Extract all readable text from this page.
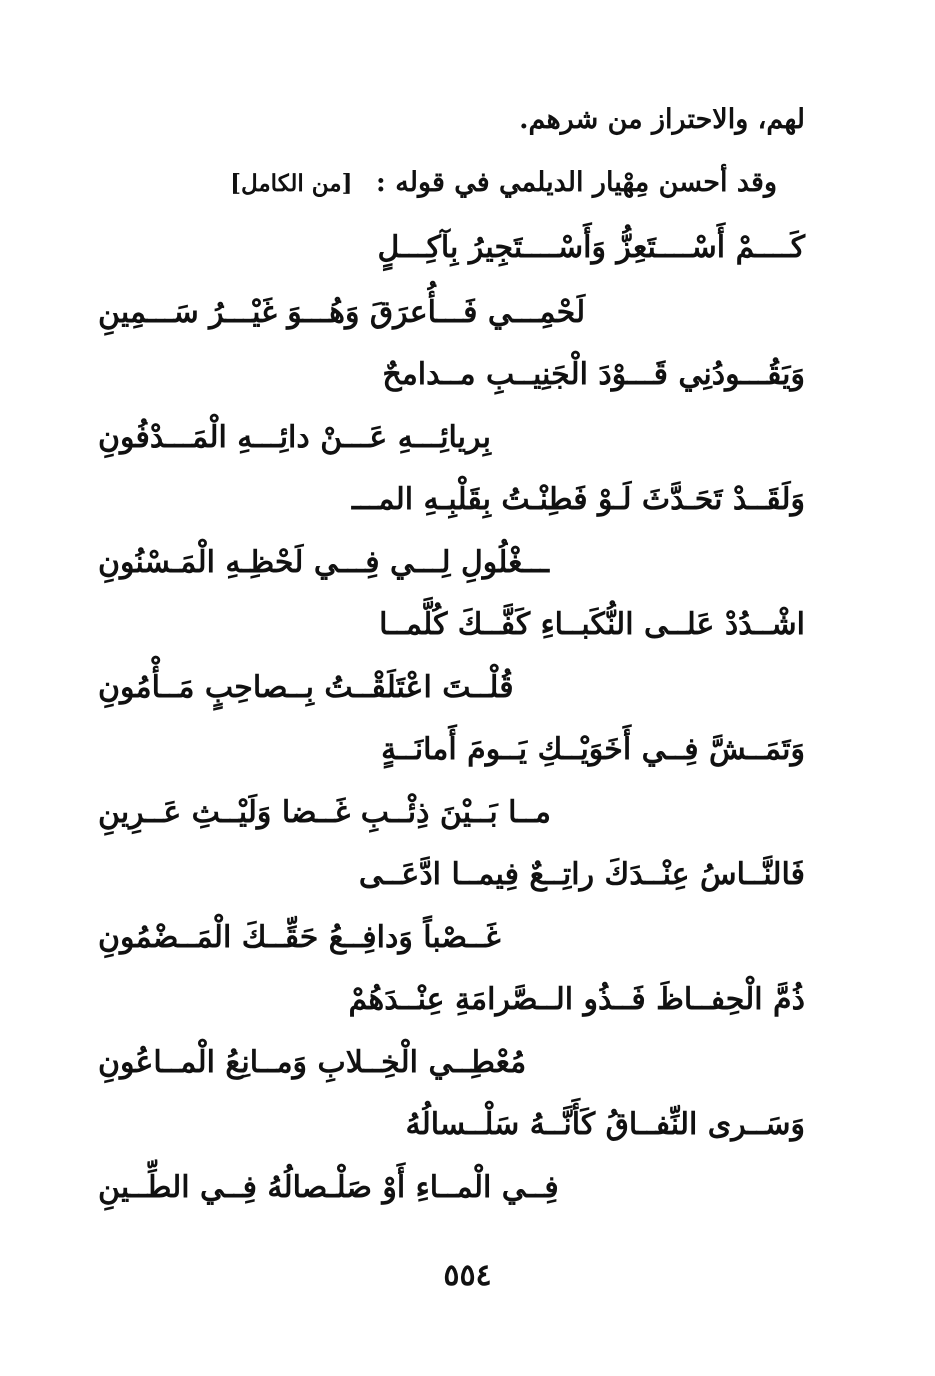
لهم، والاحتراز من شرهم.
وقد أحسن مِهْيار الديلمي في قوله : [من الكامل]
كَــــمْ أَسْــــتَعِزُّ وَأَسْــــتَجِيرُ بِآكِـــلٍ
لَحْمِـــي فَـــأُعرَقَ وَهُـــوَ غَيْـــرُ سَـــمِينِ
وَيَقُـــودُنِي قَـــوْدَ الْجَنِيــبِ مــدامحٌ
بِريائِـــهِ عَـــنْ دائِـــهِ الْمَـــدْفُونِ
وَلَقَــدْ تَحَـدَّثَ لَـوْ فَطِنْـتُ بِقَلْبِـهِ المـــ
ـــغْلُولِ لِـــي فِـــي لَحْظِـهِ الْمَـسْنُونِ
اشْــدُدْ عَلــى النُّكَبــاءِ كَفَّــكَ كُلَّمــا
قُلْــتَ اعْتَلَقْــتُ بِــصاحِبٍ مَــأْمُونِ
وَتَمَــشَّ فِــي أَخَوَيْــكِ يَــومَ أَمانَــةٍ
مــا بَــيْنَ ذِئْــبِ غَــضا وَلَيْــثِ عَــرِينِ
فَالنَّــاسُ عِنْــدَكَ راتِــعٌ فِيمــا ادَّعَــى
غَــصْباً وَدافِــعُ حَقِّــكَ الْمَــضْمُونِ
ذُمَّ الْحِفــاظَ فَــذُو الــصَّرامَةِ عِنْــدَهُمْ
مُعْطِــي الْخِــلابِ وَمــانِعُ الْمــاعُونِ
وَسَــرى النِّفــاقُ كَأَنَّــهُ سَلْــسالُهُ
فِــي الْمــاءِ أَوْ صَلْـصالُهُ فِــي الطِّــينِ
٥٥٤
